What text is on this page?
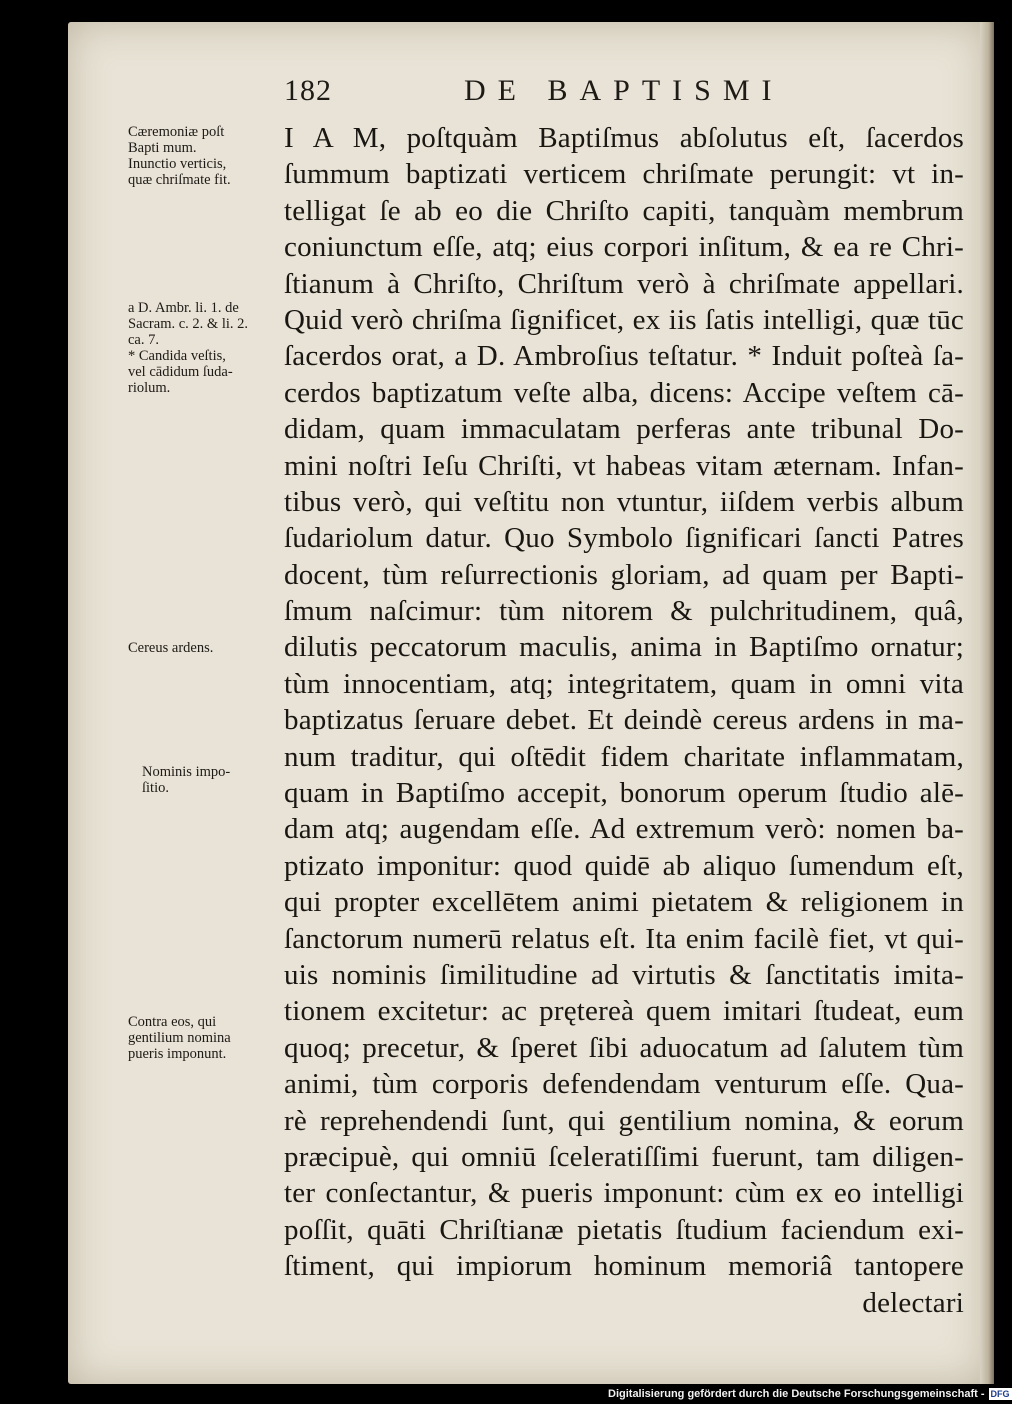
182	DE BAPTISMI
Cæremoniæ poſt
Bapti mum.
Inunctio verticis,
quæ chriſmate fit.
a D. Ambr. li. 1. de
Sacram. c. 2. & li. 2.
ca. 7.
* Candida veſtis,
vel cādidum ſuda-
riolum.
Cereus ardens.
Nominis impo-
ſitio.
Contra eos, qui
gentilium nomina
pueris imponunt.
I A M, poſtquàm Baptiſmus abſolutus eſt, ſacerdos
ſummum baptizati verticem chriſmate perungit: vt in-
telligat ſe ab eo die Chriſto capiti, tanquàm membrum
coniunctum eſſe, atq; eius corpori inſitum, & ea re Chri-
ſtianum à Chriſto, Chriſtum verò à chriſmate appellari.
Quid verò chriſma ſignificet, ex iis ſatis intelligi, quæ tūc
ſacerdos orat, a D. Ambroſius teſtatur. * Induit poſteà ſa-
cerdos baptizatum veſte alba, dicens: Accipe veſtem cā-
didam, quam immaculatam perferas ante tribunal Do-
mini noſtri Ieſu Chriſti, vt habeas vitam æternam. Infan-
tibus verò, qui veſtitu non vtuntur, iiſdem verbis album
ſudariolum datur. Quo Symbolo ſignificari ſancti Patres
docent, tùm reſurrectionis gloriam, ad quam per Bapti-
ſmum naſcimur: tùm nitorem & pulchritudinem, quâ,
dilutis peccatorum maculis, anima in Baptiſmo ornatur;
tùm innocentiam, atq; integritatem, quam in omni vita
baptizatus ſeruare debet. Et deindè cereus ardens in ma-
num traditur, qui oſtēdit fidem charitate inflammatam,
quam in Baptiſmo accepit, bonorum operum ſtudio alē-
dam atq; augendam eſſe. Ad extremum verò: nomen ba-
ptizato imponitur: quod quidē ab aliquo ſumendum eſt,
qui propter excellētem animi pietatem & religionem in
ſanctorum numerū relatus eſt. Ita enim facilè fiet, vt qui-
uis nominis ſimilitudine ad virtutis & ſanctitatis imita-
tionem excitetur: ac prętereà quem imitari ſtudeat, eum
quoq; precetur, & ſperet ſibi aduocatum ad ſalutem tùm
animi, tùm corporis defendendam venturum eſſe. Qua-
rè reprehendendi ſunt, qui gentilium nomina, & eorum
præcipuè, qui omniū ſceleratiſſimi fuerunt, tam diligen-
ter conſectantur, & pueris imponunt: cùm ex eo intelligi
poſſit, quāti Chriſtianæ pietatis ſtudium faciendum exi-
ſtiment, qui impiorum hominum memoriâ tantopere
delectari
Digitalisierung gefördert durch die Deutsche Forschungsgemeinschaft - DFG
